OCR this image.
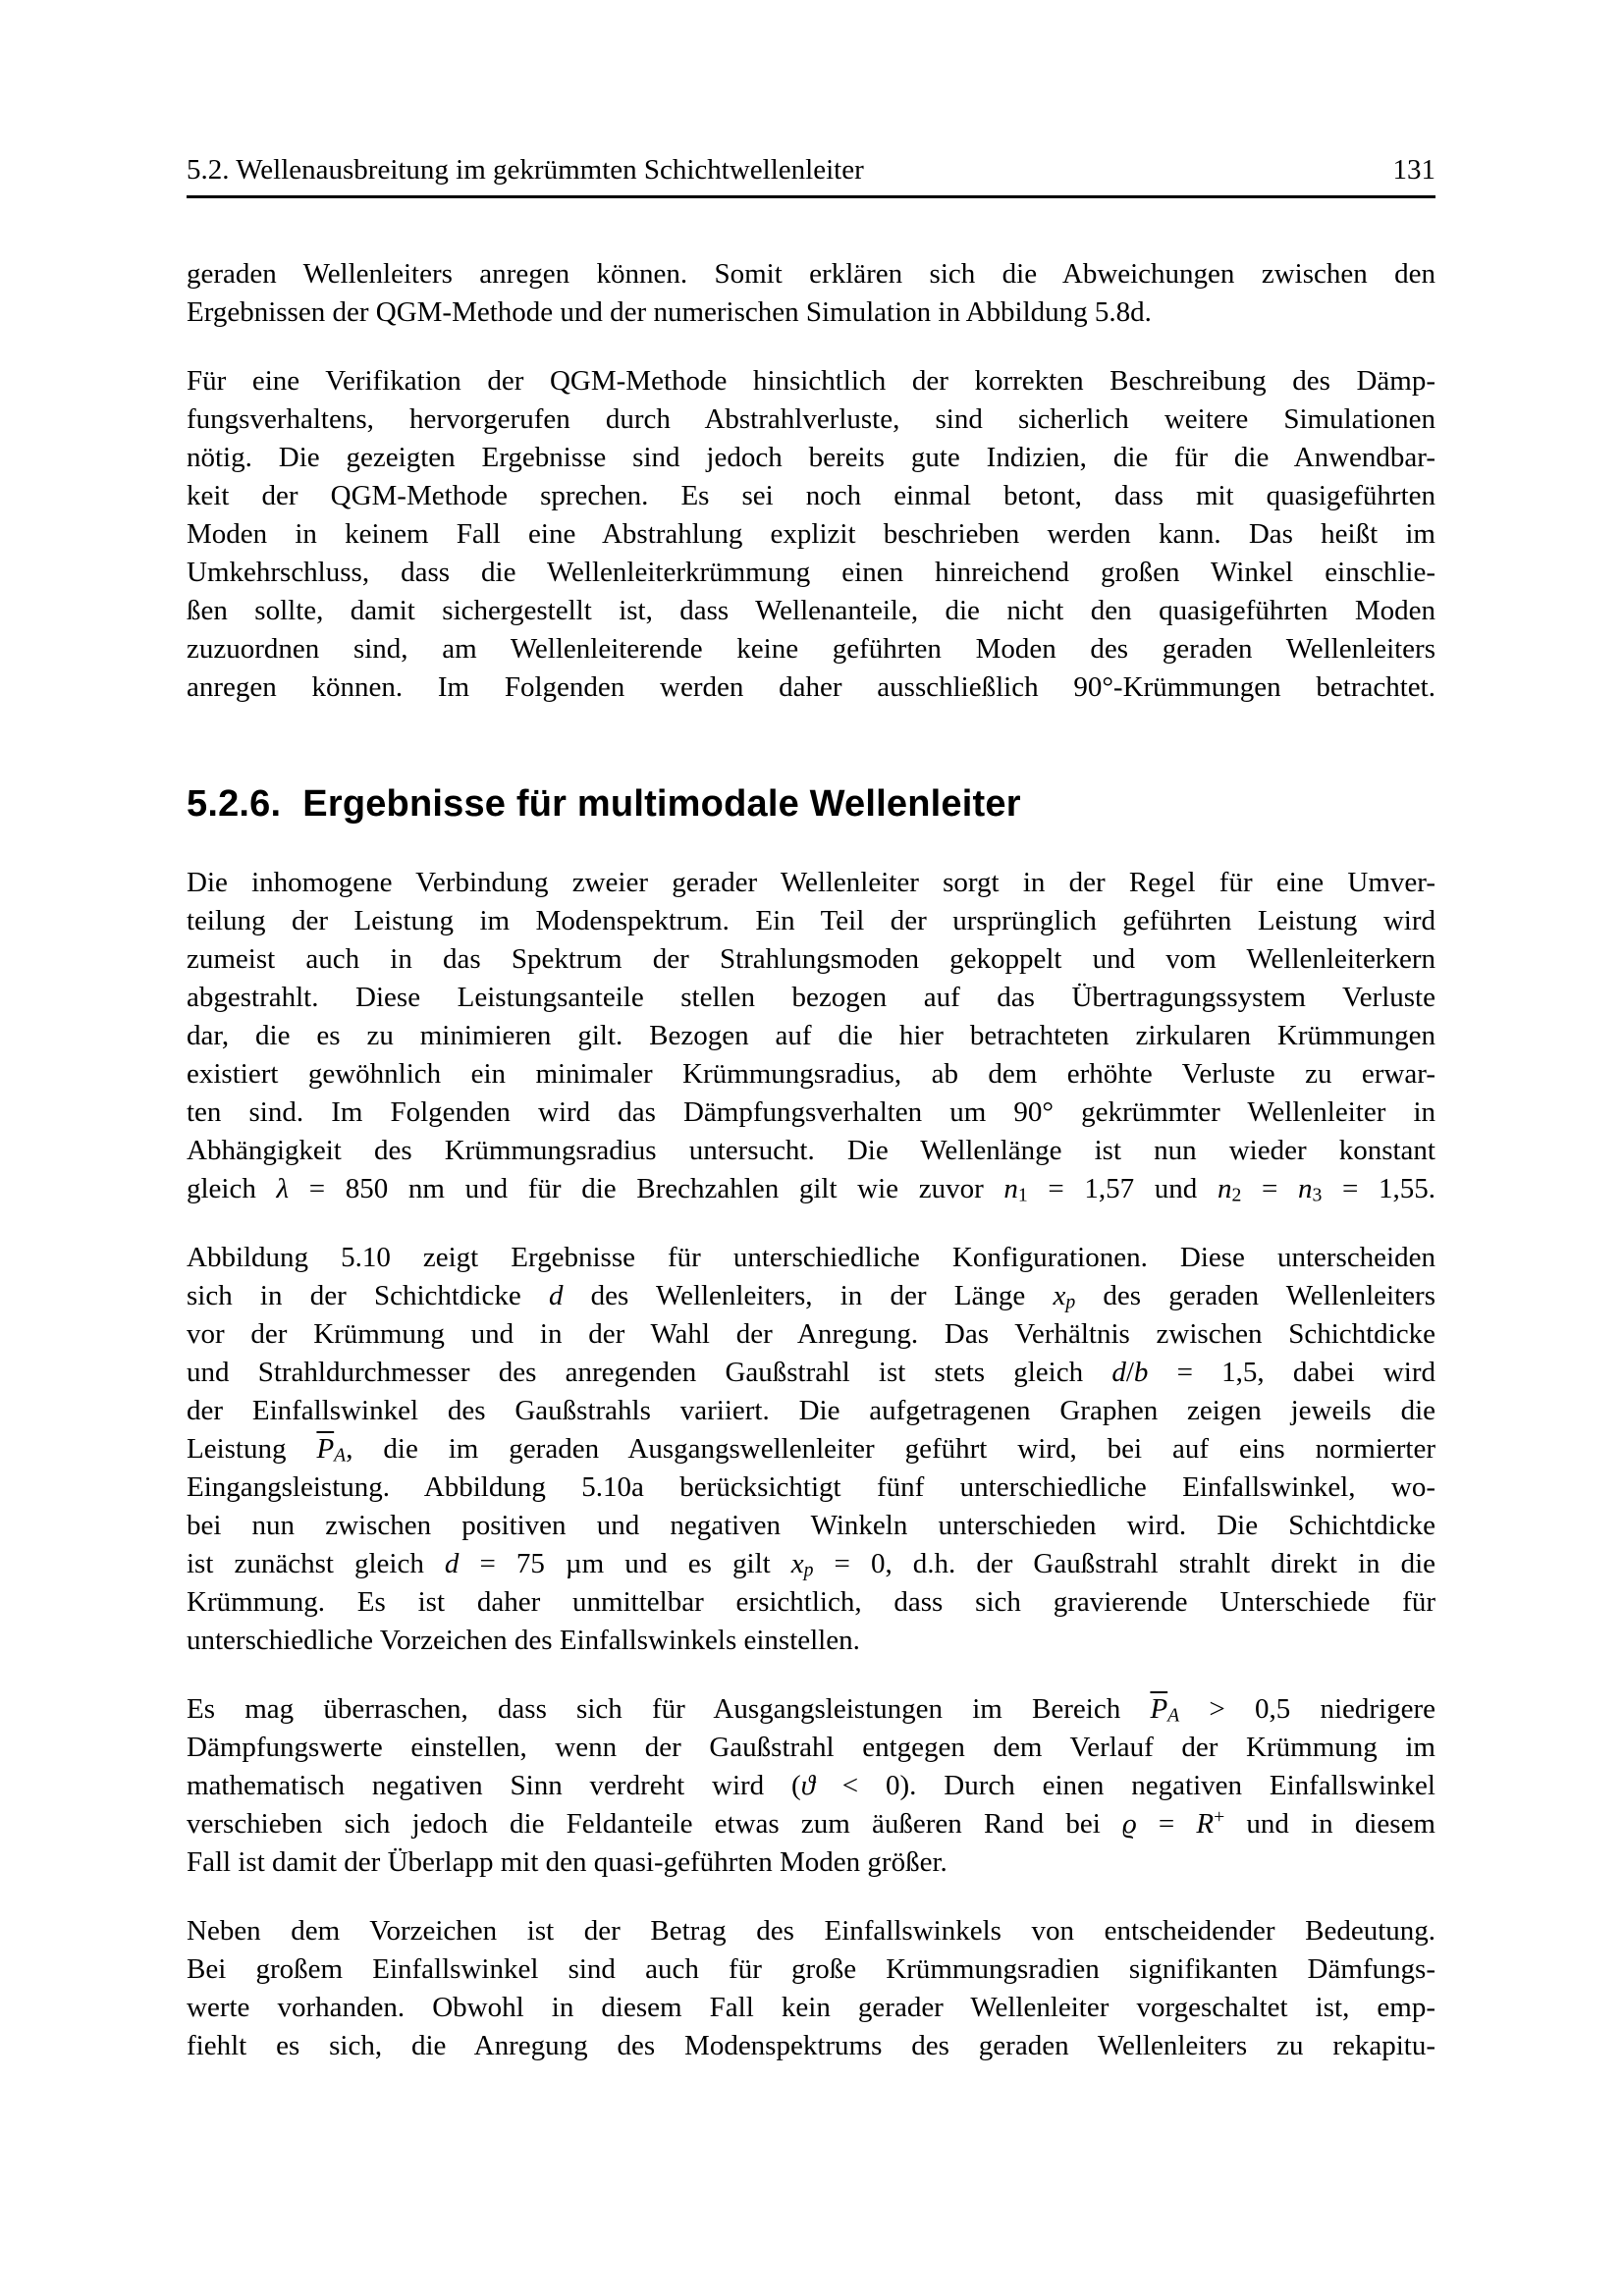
5.2. Wellenausbreitung im gekrümmten Schichtwellenleiter	131
geraden Wellenleiters anregen können. Somit erklären sich die Abweichungen zwischen den
Ergebnissen der QGM-Methode und der numerischen Simulation in Abbildung 5.8d.
Für eine Verifikation der QGM-Methode hinsichtlich der korrekten Beschreibung des Dämp-
fungsverhaltens, hervorgerufen durch Abstrahlverluste, sind sicherlich weitere Simulationen
nötig. Die gezeigten Ergebnisse sind jedoch bereits gute Indizien, die für die Anwendbar-
keit der QGM-Methode sprechen. Es sei noch einmal betont, dass mit quasigeführten
Moden in keinem Fall eine Abstrahlung explizit beschrieben werden kann. Das heißt im
Umkehrschluss, dass die Wellenleiterkrümmung einen hinreichend großen Winkel einschlie-
ßen sollte, damit sichergestellt ist, dass Wellenanteile, die nicht den quasigeführten Moden
zuzuordnen sind, am Wellenleiterende keine geführten Moden des geraden Wellenleiters
anregen können. Im Folgenden werden daher ausschließlich 90°-Krümmungen betrachtet.
5.2.6. Ergebnisse für multimodale Wellenleiter
Die inhomogene Verbindung zweier gerader Wellenleiter sorgt in der Regel für eine Umver-
teilung der Leistung im Modenspektrum. Ein Teil der ursprünglich geführten Leistung wird
zumeist auch in das Spektrum der Strahlungsmoden gekoppelt und vom Wellenleiterkern
abgestrahlt. Diese Leistungsanteile stellen bezogen auf das Übertragungssystem Verluste
dar, die es zu minimieren gilt. Bezogen auf die hier betrachteten zirkularen Krümmungen
existiert gewöhnlich ein minimaler Krümmungsradius, ab dem erhöhte Verluste zu erwar-
ten sind. Im Folgenden wird das Dämpfungsverhalten um 90° gekrümmter Wellenleiter in
Abhängigkeit des Krümmungsradius untersucht. Die Wellenlänge ist nun wieder konstant
gleich λ = 850 nm und für die Brechzahlen gilt wie zuvor $n_1 = 1,57$ und $n_2 = n_3 = 1,55$.
Abbildung 5.10 zeigt Ergebnisse für unterschiedliche Konfigurationen. Diese unterscheiden
sich in der Schichtdicke d des Wellenleiters, in der Länge $x_p$ des geraden Wellenleiters
vor der Krümmung und in der Wahl der Anregung. Das Verhältnis zwischen Schichtdicke
und Strahldurchmesser des anregenden Gaußstrahl ist stets gleich d/b = 1,5, dabei wird
der Einfallswinkel des Gaußstrahls variiert. Die aufgetragenen Graphen zeigen jeweils die
Leistung $\overline{P}_A$, die im geraden Ausgangswellenleiter geführt wird, bei auf eins normierter
Eingangsleistung. Abbildung 5.10a berücksichtigt fünf unterschiedliche Einfallswinkel, wo-
bei nun zwischen positiven und negativen Winkeln unterschieden wird. Die Schichtdicke
ist zunächst gleich d = 75 µm und es gilt $x_p = 0$, d.h. der Gaußstrahl strahlt direkt in die
Krümmung. Es ist daher unmittelbar ersichtlich, dass sich gravierende Unterschiede für
unterschiedliche Vorzeichen des Einfallswinkels einstellen.
Es mag überraschen, dass sich für Ausgangsleistungen im Bereich $\overline{P}_A > 0,5$ niedrigere
Dämpfungswerte einstellen, wenn der Gaußstrahl entgegen dem Verlauf der Krümmung im
mathematisch negativen Sinn verdreht wird (ϑ < 0). Durch einen negativen Einfallswinkel
verschieben sich jedoch die Feldanteile etwas zum äußeren Rand bei ϱ = R+ und in diesem
Fall ist damit der Überlapp mit den quasi-geführten Moden größer.
Neben dem Vorzeichen ist der Betrag des Einfallswinkels von entscheidender Bedeutung.
Bei großem Einfallswinkel sind auch für große Krümmungsradien signifikanten Dämfungs-
werte vorhanden. Obwohl in diesem Fall kein gerader Wellenleiter vorgeschaltet ist, emp-
fiehlt es sich, die Anregung des Modenspektrums des geraden Wellenleiters zu rekapitu-
